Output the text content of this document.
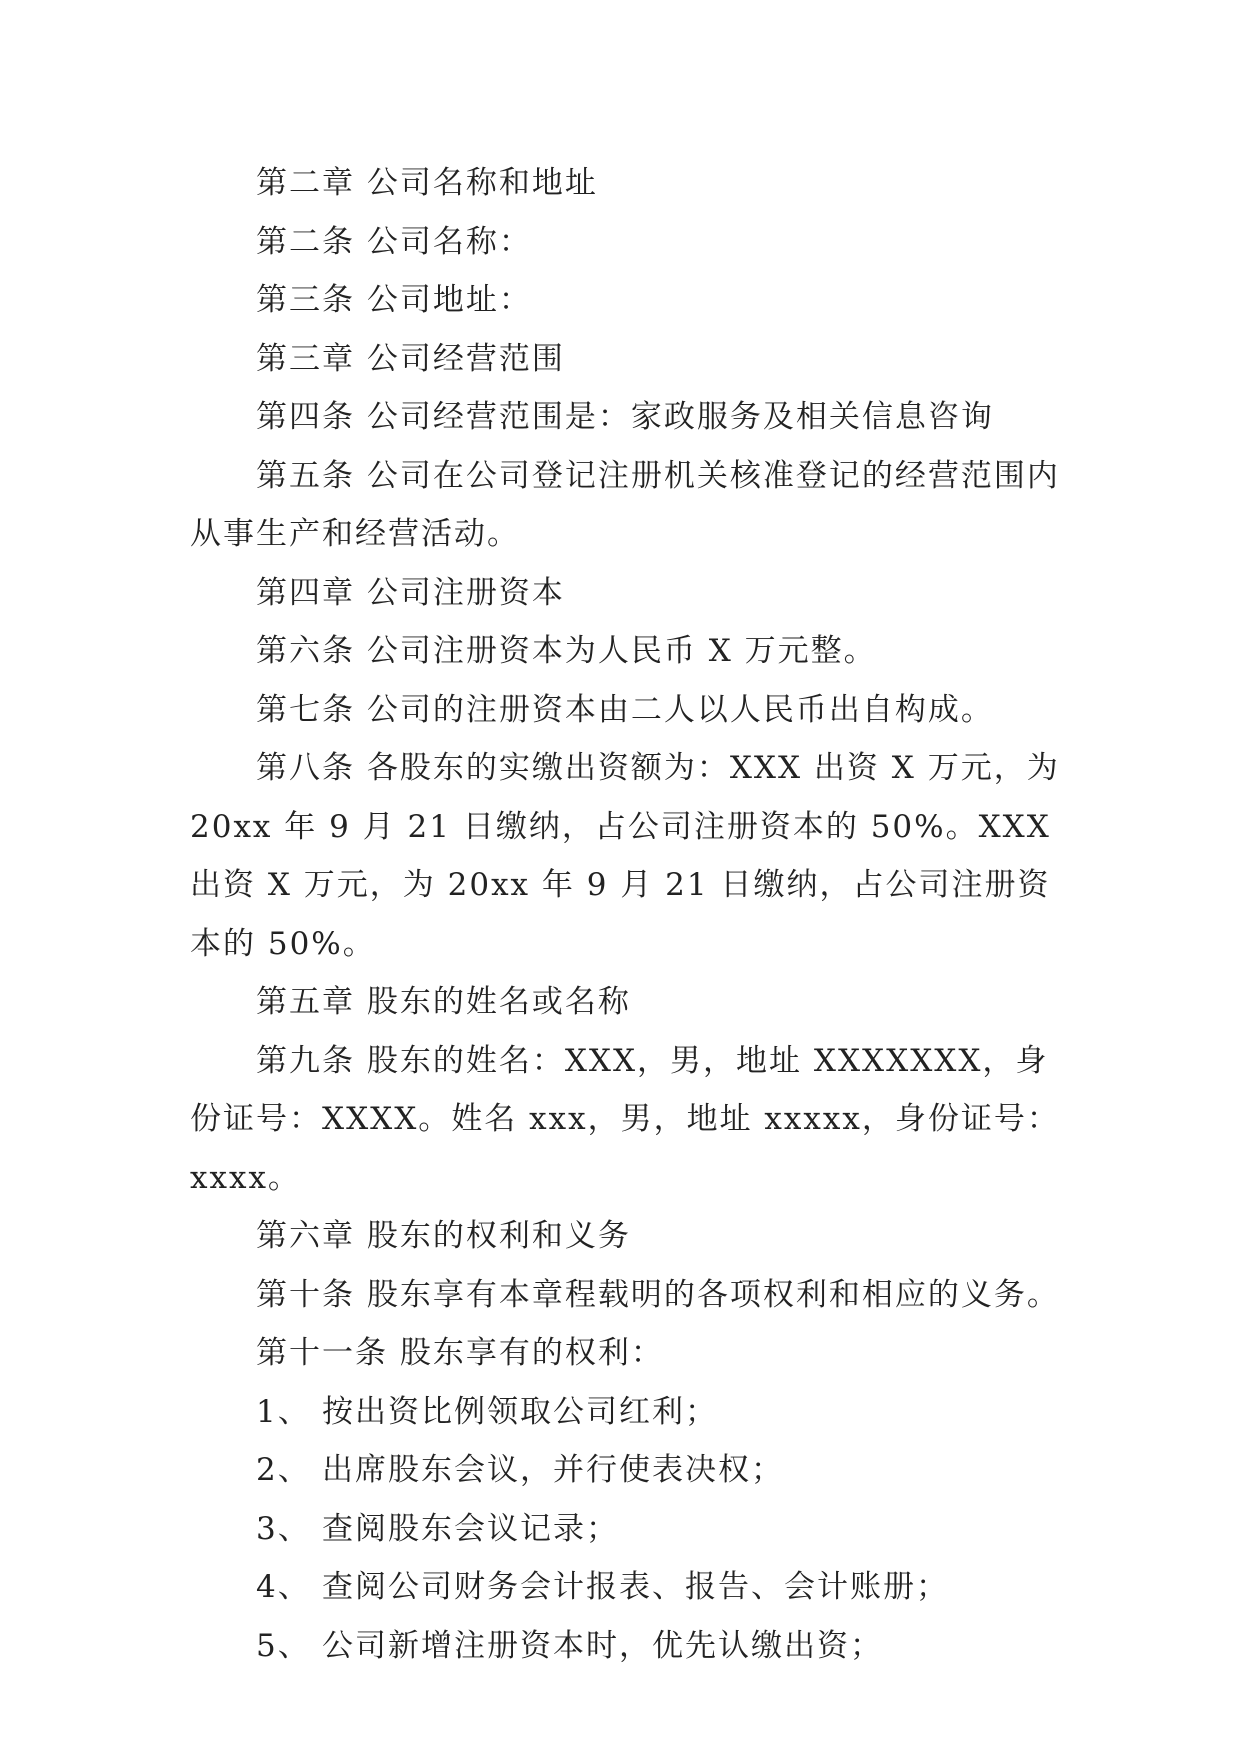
第二章 公司名称和地址

第二条 公司名称：

第三条 公司地址：

第三章 公司经营范围

第四条 公司经营范围是：家政服务及相关信息咨询

第五条 公司在公司登记注册机关核准登记的经营范围内从事生产和经营活动。

第四章 公司注册资本

第六条 公司注册资本为人民币 X 万元整。

第七条 公司的注册资本由二人以人民币出自构成。

第八条 各股东的实缴出资额为：XXX 出资 X 万元，为 20xx 年 9 月 21 日缴纳，占公司注册资本的 50%。XXX 出资 X 万元，为 20xx 年 9 月 21 日缴纳，占公司注册资本的 50%。

第五章 股东的姓名或名称

第九条 股东的姓名：XXX，男，地址 XXXXXXX，身份证号：XXXX。姓名 xxx，男，地址 xxxxx，身份证号：xxxx。

第六章 股东的权利和义务

第十条 股东享有本章程载明的各项权利和相应的义务。

第十一条 股东享有的权利：

1、 按出资比例领取公司红利；

2、 出席股东会议，并行使表决权；

3、 查阅股东会议记录；

4、 查阅公司财务会计报表、报告、会计账册；

5、 公司新增注册资本时，优先认缴出资；
